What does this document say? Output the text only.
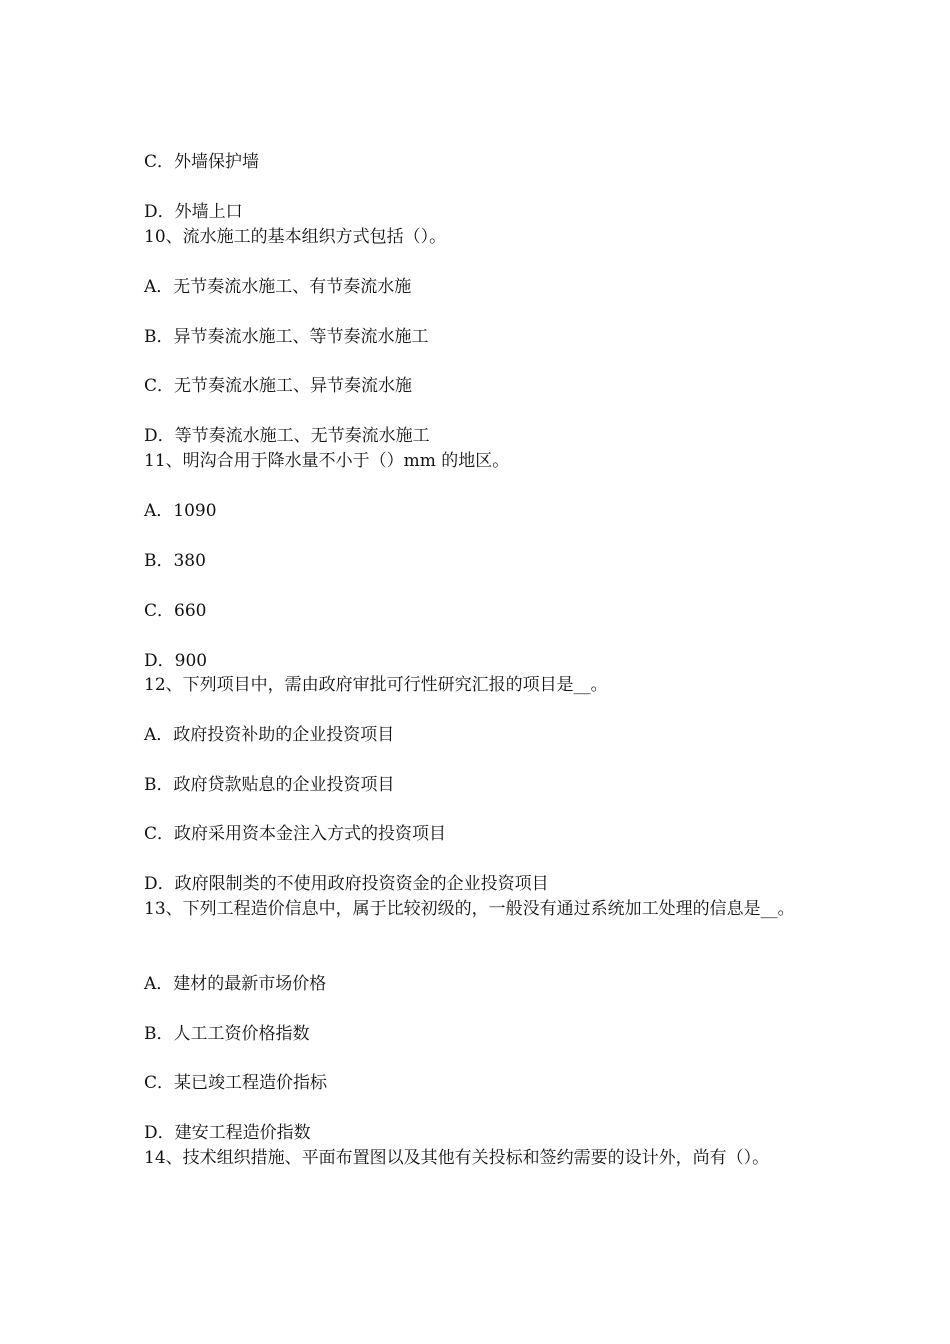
C．外墙保护墙
D．外墙上口
10、流水施工的基本组织方式包括（）。
A．无节奏流水施工、有节奏流水施
B．异节奏流水施工、等节奏流水施工
C．无节奏流水施工、异节奏流水施
D．等节奏流水施工、无节奏流水施工
11、明沟合用于降水量不小于（）mm 的地区。
A．1090
B．380
C．660
D．900
12、下列项目中，需由政府审批可行性研究汇报的项目是__。
A．政府投资补助的企业投资项目
B．政府贷款贴息的企业投资项目
C．政府采用资本金注入方式的投资项目
D．政府限制类的不使用政府投资资金的企业投资项目
13、下列工程造价信息中，属于比较初级的，一般没有通过系统加工处理的信息是__。
A．建材的最新市场价格
B．人工工资价格指数
C．某已竣工程造价指标
D．建安工程造价指数
14、技术组织措施、平面布置图以及其他有关投标和签约需要的设计外，尚有（）。
